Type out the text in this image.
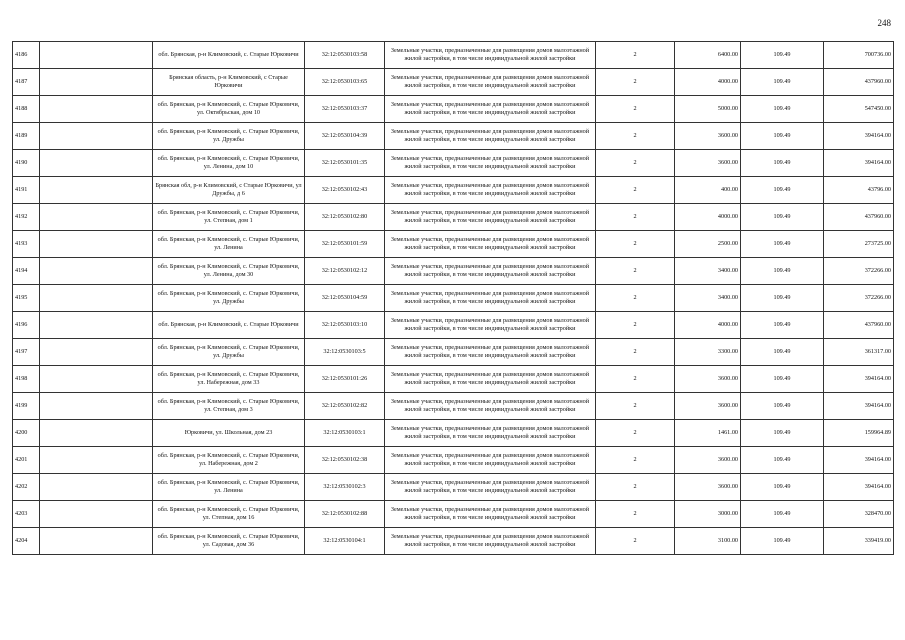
248
4186		обл. Брянская, р-н Климовский, с. Старые Юрковичи	32:12:0530103:58	Земельные участки, предназначенные для размещения домов малоэтажной жилой застройки, в том числе индивидуальной жилой застройки	2	6400.00	109.49	700736.00
4187		Брянская область, р-н Климовский, с Старые Юрковичи	32:12:0530103:65	Земельные участки, предназначенные для размещения домов малоэтажной жилой застройки, в том числе индивидуальной жилой застройки	2	4000.00	109.49	437960.00
4188		обл. Брянская, р-н Климовский, с. Старые Юрковичи, ул. Октябрьская, дом 10	32:12:0530103:37	Земельные участки, предназначенные для размещения домов малоэтажной жилой застройки, в том числе индивидуальной жилой застройки	2	5000.00	109.49	547450.00
4189		обл. Брянская, р-н Климовский, с. Старые Юрковичи, ул. Дружбы	32:12:0530104:39	Земельные участки, предназначенные для размещения домов малоэтажной жилой застройки, в том числе индивидуальной жилой застройки	2	3600.00	109.49	394164.00
4190		обл. Брянская, р-н Климовский, с. Старые Юрковичи, ул. Ленина, дом 10	32:12:0530101:35	Земельные участки, предназначенные для размещения домов малоэтажной жилой застройки, в том числе индивидуальной жилой застройки	2	3600.00	109.49	394164.00
4191		Брянская обл, р-н Климовский, с Старые Юрковичи, ул Дружбы, д 6	32:12:0530102:43	Земельные участки, предназначенные для размещения домов малоэтажной жилой застройки, в том числе индивидуальной жилой застройки	2	400.00	109.49	43796.00
4192		обл. Брянская, р-н Климовский, с. Старые Юрковичи, ул. Степная, дом 1	32:12:0530102:80	Земельные участки, предназначенные для размещения домов малоэтажной жилой застройки, в том числе индивидуальной жилой застройки	2	4000.00	109.49	437960.00
4193		обл. Брянская, р-н Климовский, с. Старые Юрковичи, ул. Ленина	32:12:0530101:59	Земельные участки, предназначенные для размещения домов малоэтажной жилой застройки, в том числе индивидуальной жилой застройки	2	2500.00	109.49	273725.00
4194		обл. Брянская, р-н Климовский, с. Старые Юрковичи, ул. Ленина, дом 30	32:12:0530102:12	Земельные участки, предназначенные для размещения домов малоэтажной жилой застройки, в том числе индивидуальной жилой застройки	2	3400.00	109.49	372266.00
4195		обл. Брянская, р-н Климовский, с. Старые Юрковичи, ул. Дружбы	32:12:0530104:59	Земельные участки, предназначенные для размещения домов малоэтажной жилой застройки, в том числе индивидуальной жилой застройки	2	3400.00	109.49	372266.00
4196		обл. Брянская, р-н Климовский, с. Старые Юрковичи	32:12:0530103:10	Земельные участки, предназначенные для размещения домов малоэтажной жилой застройки, в том числе индивидуальной жилой застройки	2	4000.00	109.49	437960.00
4197		обл. Брянская, р-н Климовский, с. Старые Юрковичи, ул. Дружбы	32:12:0530103:5	Земельные участки, предназначенные для размещения домов малоэтажной жилой застройки, в том числе индивидуальной жилой застройки	2	3300.00	109.49	361317.00
4198		обл. Брянская, р-н Климовский, с. Старые Юрковичи, ул. Набережная, дом 33	32:12:0530101:26	Земельные участки, предназначенные для размещения домов малоэтажной жилой застройки, в том числе индивидуальной жилой застройки	2	3600.00	109.49	394164.00
4199		обл. Брянская, р-н Климовский, с. Старые Юрковичи, ул. Степная, дом 3	32:12:0530102:82	Земельные участки, предназначенные для размещения домов малоэтажной жилой застройки, в том числе индивидуальной жилой застройки	2	3600.00	109.49	394164.00
4200		Юрковичи, ул. Школьная, дом 23	32:12:0530103:1	Земельные участки, предназначенные для размещения домов малоэтажной жилой застройки, в том числе индивидуальной жилой застройки	2	1461.00	109.49	159964.89
4201		обл. Брянская, р-н Климовский, с. Старые Юрковичи, ул. Набережная, дом 2	32:12:0530102:38	Земельные участки, предназначенные для размещения домов малоэтажной жилой застройки, в том числе индивидуальной жилой застройки	2	3600.00	109.49	394164.00
4202		обл. Брянская, р-н Климовский, с. Старые Юрковичи, ул. Ленина	32:12:0530102:3	Земельные участки, предназначенные для размещения домов малоэтажной жилой застройки, в том числе индивидуальной жилой застройки	2	3600.00	109.49	394164.00
4203		обл. Брянская, р-н Климовский, с. Старые Юрковичи, ул. Степная, дом 16	32:12:0530102:88	Земельные участки, предназначенные для размещения домов малоэтажной жилой застройки, в том числе индивидуальной жилой застройки	2	3000.00	109.49	328470.00
4204		обл. Брянская, р-н Климовский, с. Старые Юрковичи, ул. Садовая, дом 36	32:12:0530104:1	Земельные участки, предназначенные для размещения домов малоэтажной жилой застройки, в том числе индивидуальной жилой застройки	2	3100.00	109.49	339419.00
